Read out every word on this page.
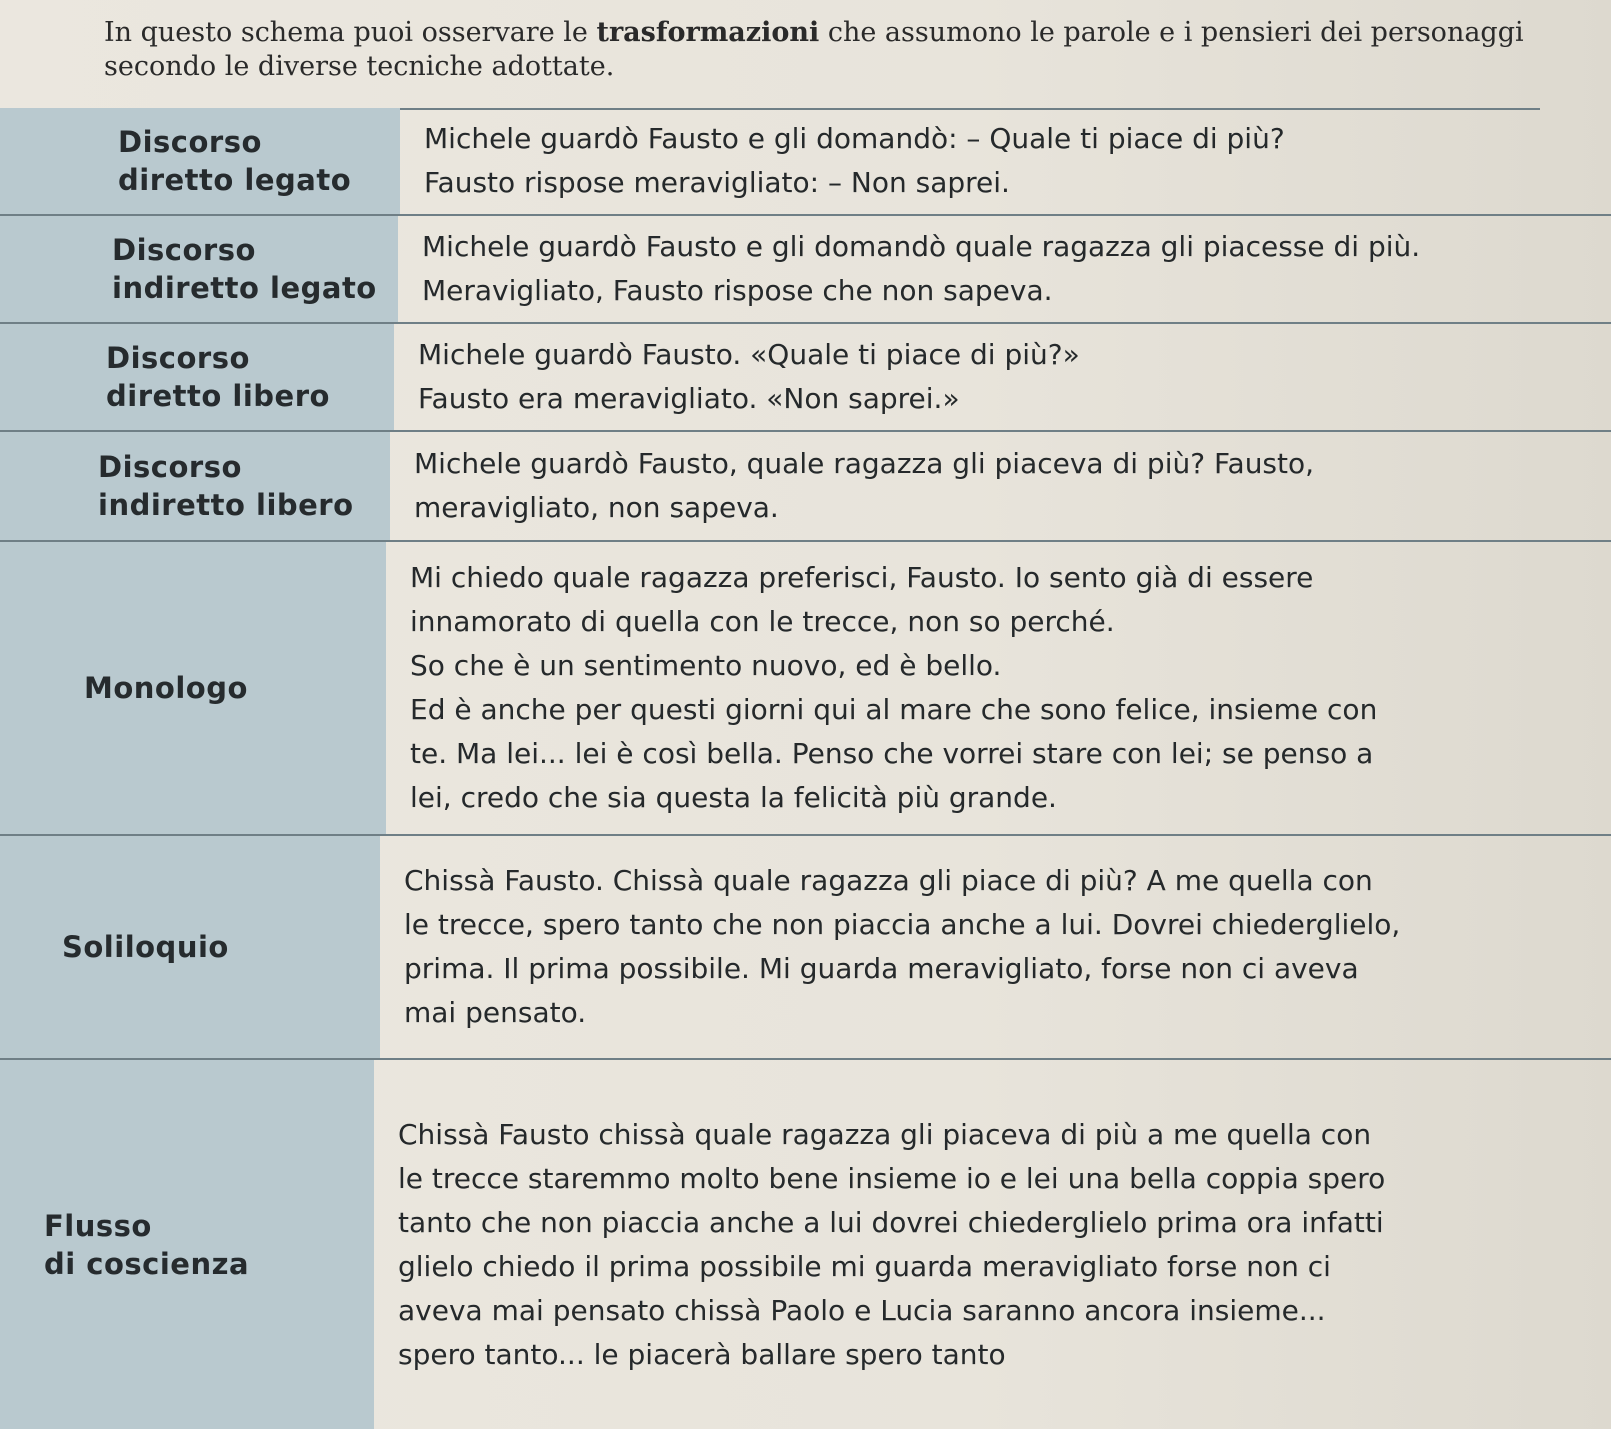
In questo schema puoi osservare le trasformazioni che assumono le parole e i pensieri dei personaggi secondo le diverse tecniche adottate.

Discorso
diretto legato

Michele guardò Fausto e gli domandò: – Quale ti piace di più?
Fausto rispose meravigliato: – Non saprei.

Discorso
indiretto legato

Michele guardò Fausto e gli domandò quale ragazza gli piacesse di più.
Meravigliato, Fausto rispose che non sapeva.

Discorso
diretto libero

Michele guardò Fausto. «Quale ti piace di più?»
Fausto era meravigliato. «Non saprei.»

Discorso
indiretto libero

Michele guardò Fausto, quale ragazza gli piaceva di più? Fausto,
meravigliato, non sapeva.

Monologo

Mi chiedo quale ragazza preferisci, Fausto. Io sento già di essere
innamorato di quella con le trecce, non so perché.
So che è un sentimento nuovo, ed è bello.
Ed è anche per questi giorni qui al mare che sono felice, insieme con
te. Ma lei... lei è così bella. Penso che vorrei stare con lei; se penso a
lei, credo che sia questa la felicità più grande.

Soliloquio

Chissà Fausto. Chissà quale ragazza gli piace di più? A me quella con
le trecce, spero tanto che non piaccia anche a lui. Dovrei chiederglielo,
prima. Il prima possibile. Mi guarda meravigliato, forse non ci aveva
mai pensato.

Flusso
di coscienza

Chissà Fausto chissà quale ragazza gli piaceva di più a me quella con
le trecce staremmo molto bene insieme io e lei una bella coppia spero
tanto che non piaccia anche a lui dovrei chiederglielo prima ora infatti
glielo chiedo il prima possibile mi guarda meravigliato forse non ci
aveva mai pensato chissà Paolo e Lucia saranno ancora insieme...
spero tanto... le piacerà ballare spero tanto
